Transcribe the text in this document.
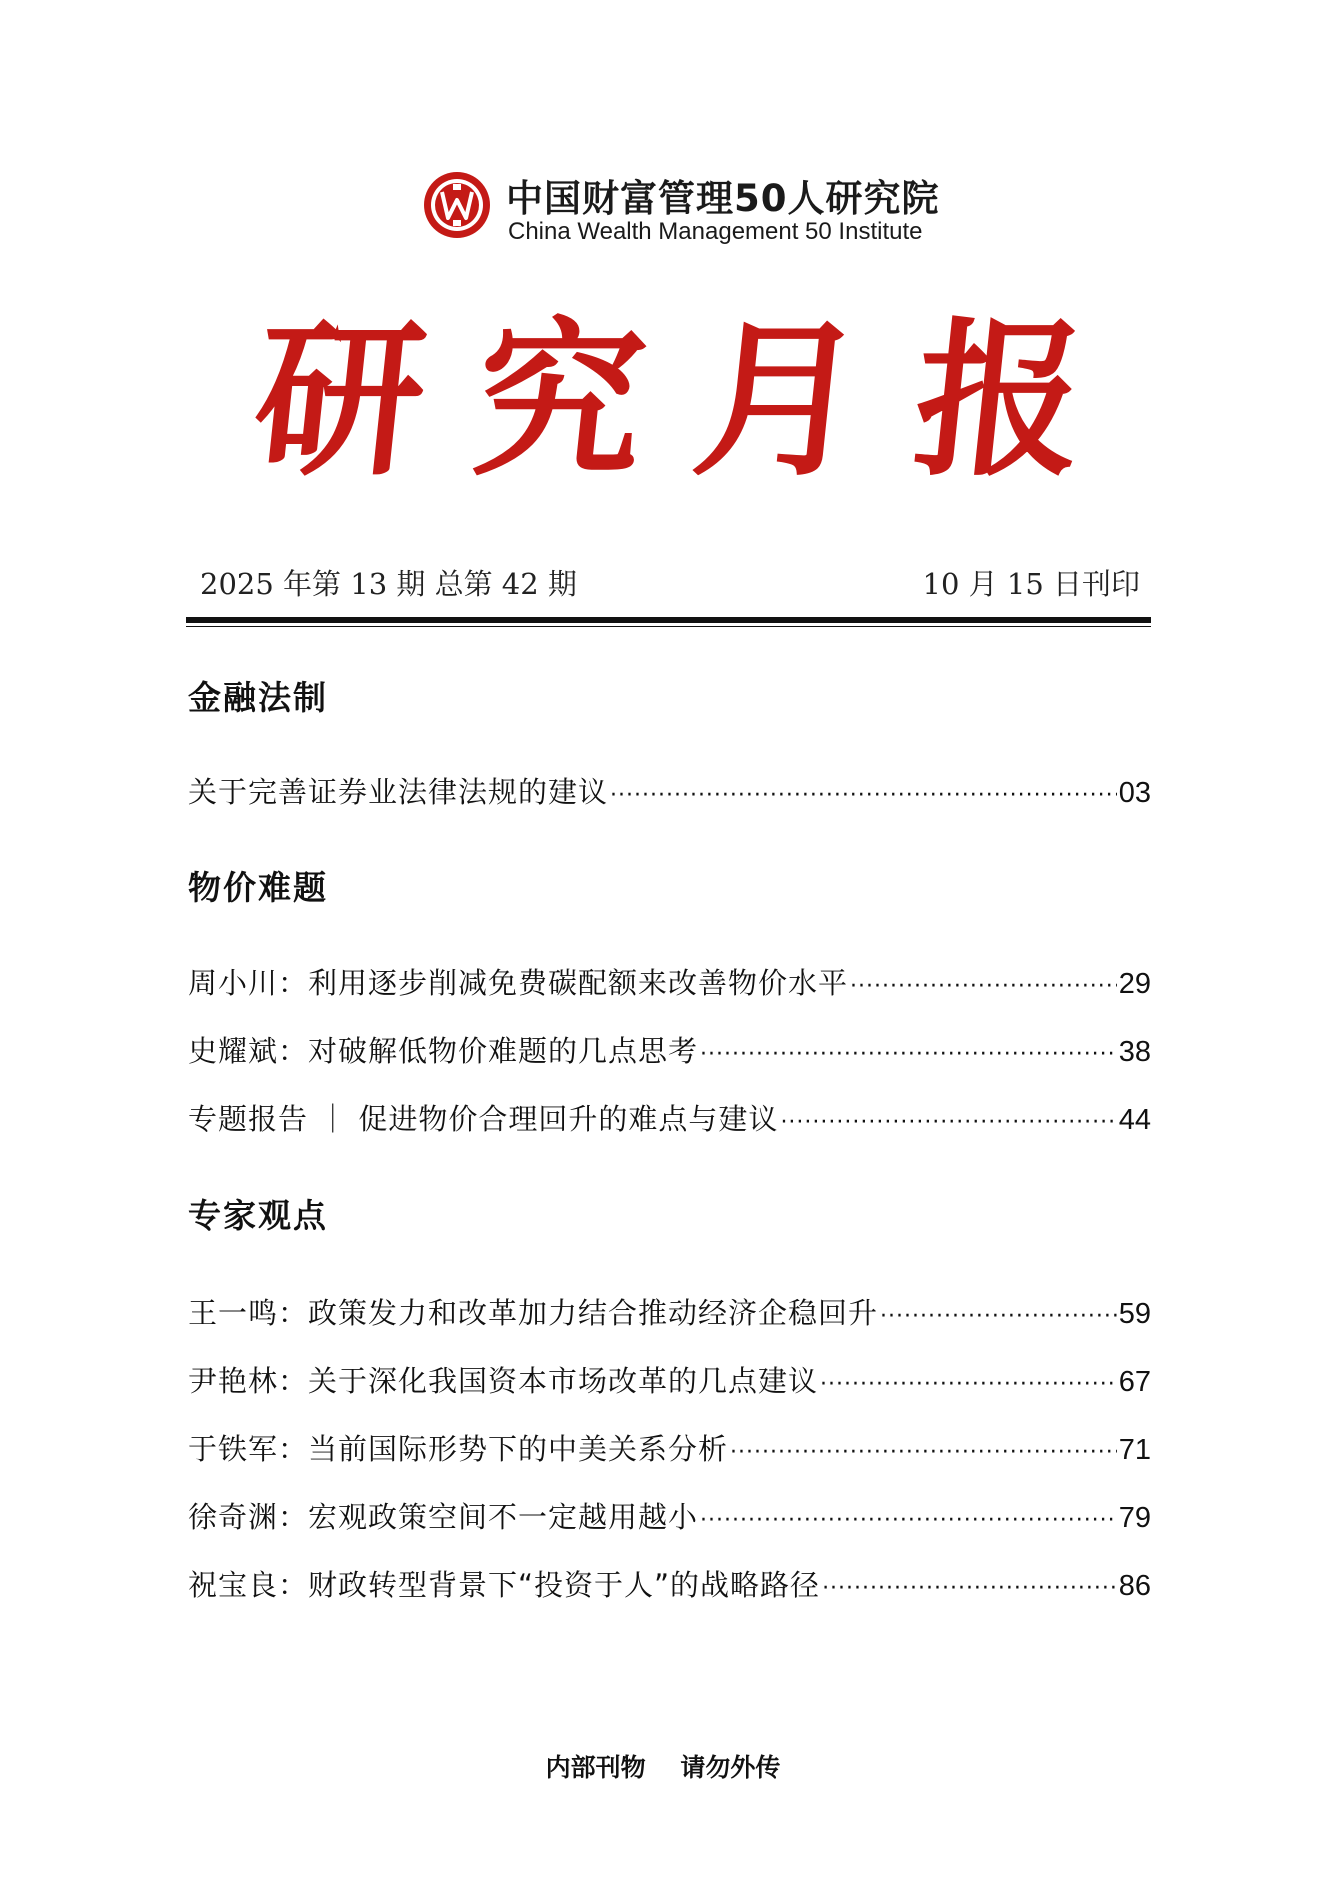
中国财富管理50人研究院
China Wealth Management 50 Institute
研 究 月 报
2025 年第 13 期 总第 42 期	10 月 15 日刊印
金融法制
关于完善证券业法律法规的建议 ·····	03
物价难题
周小川：利用逐步削减免费碳配额来改善物价水平 ·····	29
史耀斌：对破解低物价难题的几点思考 ·····	38
专题报告 ｜ 促进物价合理回升的难点与建议 ·····	44
专家观点
王一鸣：政策发力和改革加力结合推动经济企稳回升 ·····	59
尹艳林：关于深化我国资本市场改革的几点建议 ·····	67
于铁军：当前国际形势下的中美关系分析 ·····	71
徐奇渊：宏观政策空间不一定越用越小 ·····	79
祝宝良：财政转型背景下“投资于人”的战略路径 ·····	86
内部刊物    请勿外传
